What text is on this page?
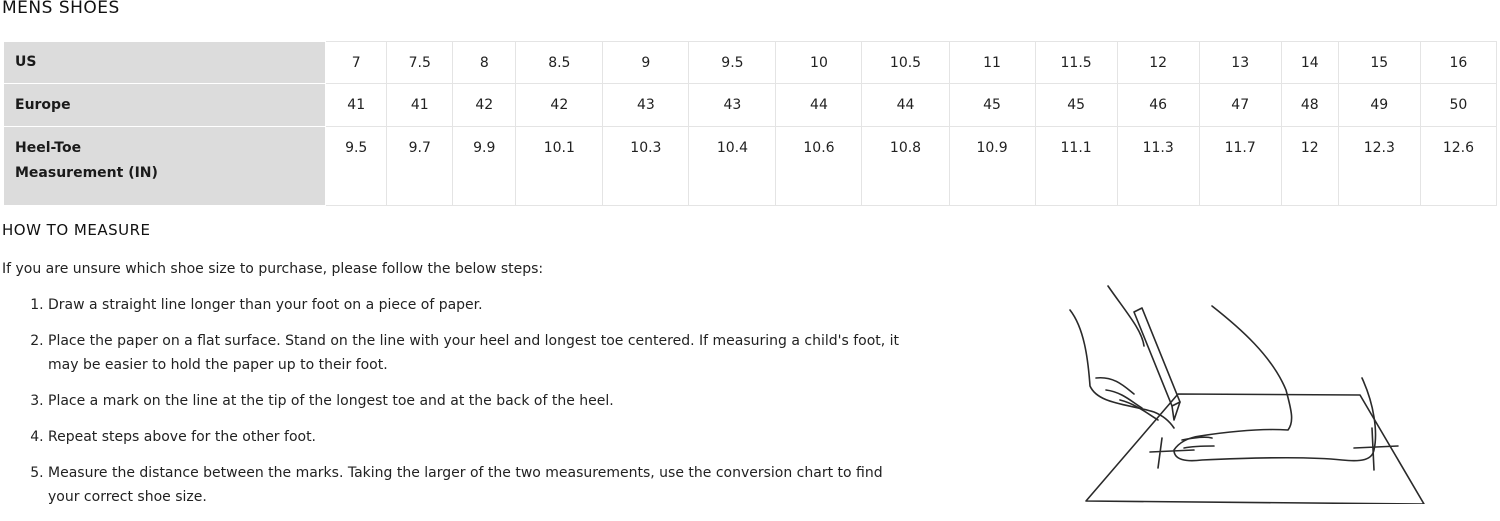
MENS SHOES
US	7	7.5	8	8.5	9	9.5	10	10.5	11	11.5	12	13	14	15	16
Europe	41	41	42	42	43	43	44	44	45	45	46	47	48	49	50
Heel-Toe
Measurement (IN)	9.5	9.7	9.9	10.1	10.3	10.4	10.6	10.8	10.9	11.1	11.3	11.7	12	12.3	12.6
HOW TO MEASURE
If you are unsure which shoe size to purchase, please follow the below steps:
1. Draw a straight line longer than your foot on a piece of paper.
2. Place the paper on a flat surface. Stand on the line with your heel and longest toe centered. If measuring a child's foot, it may be easier to hold the paper up to their foot.
3. Place a mark on the line at the tip of the longest toe and at the back of the heel.
4. Repeat steps above for the other foot.
5. Measure the distance between the marks. Taking the larger of the two measurements, use the conversion chart to find your correct shoe size.
